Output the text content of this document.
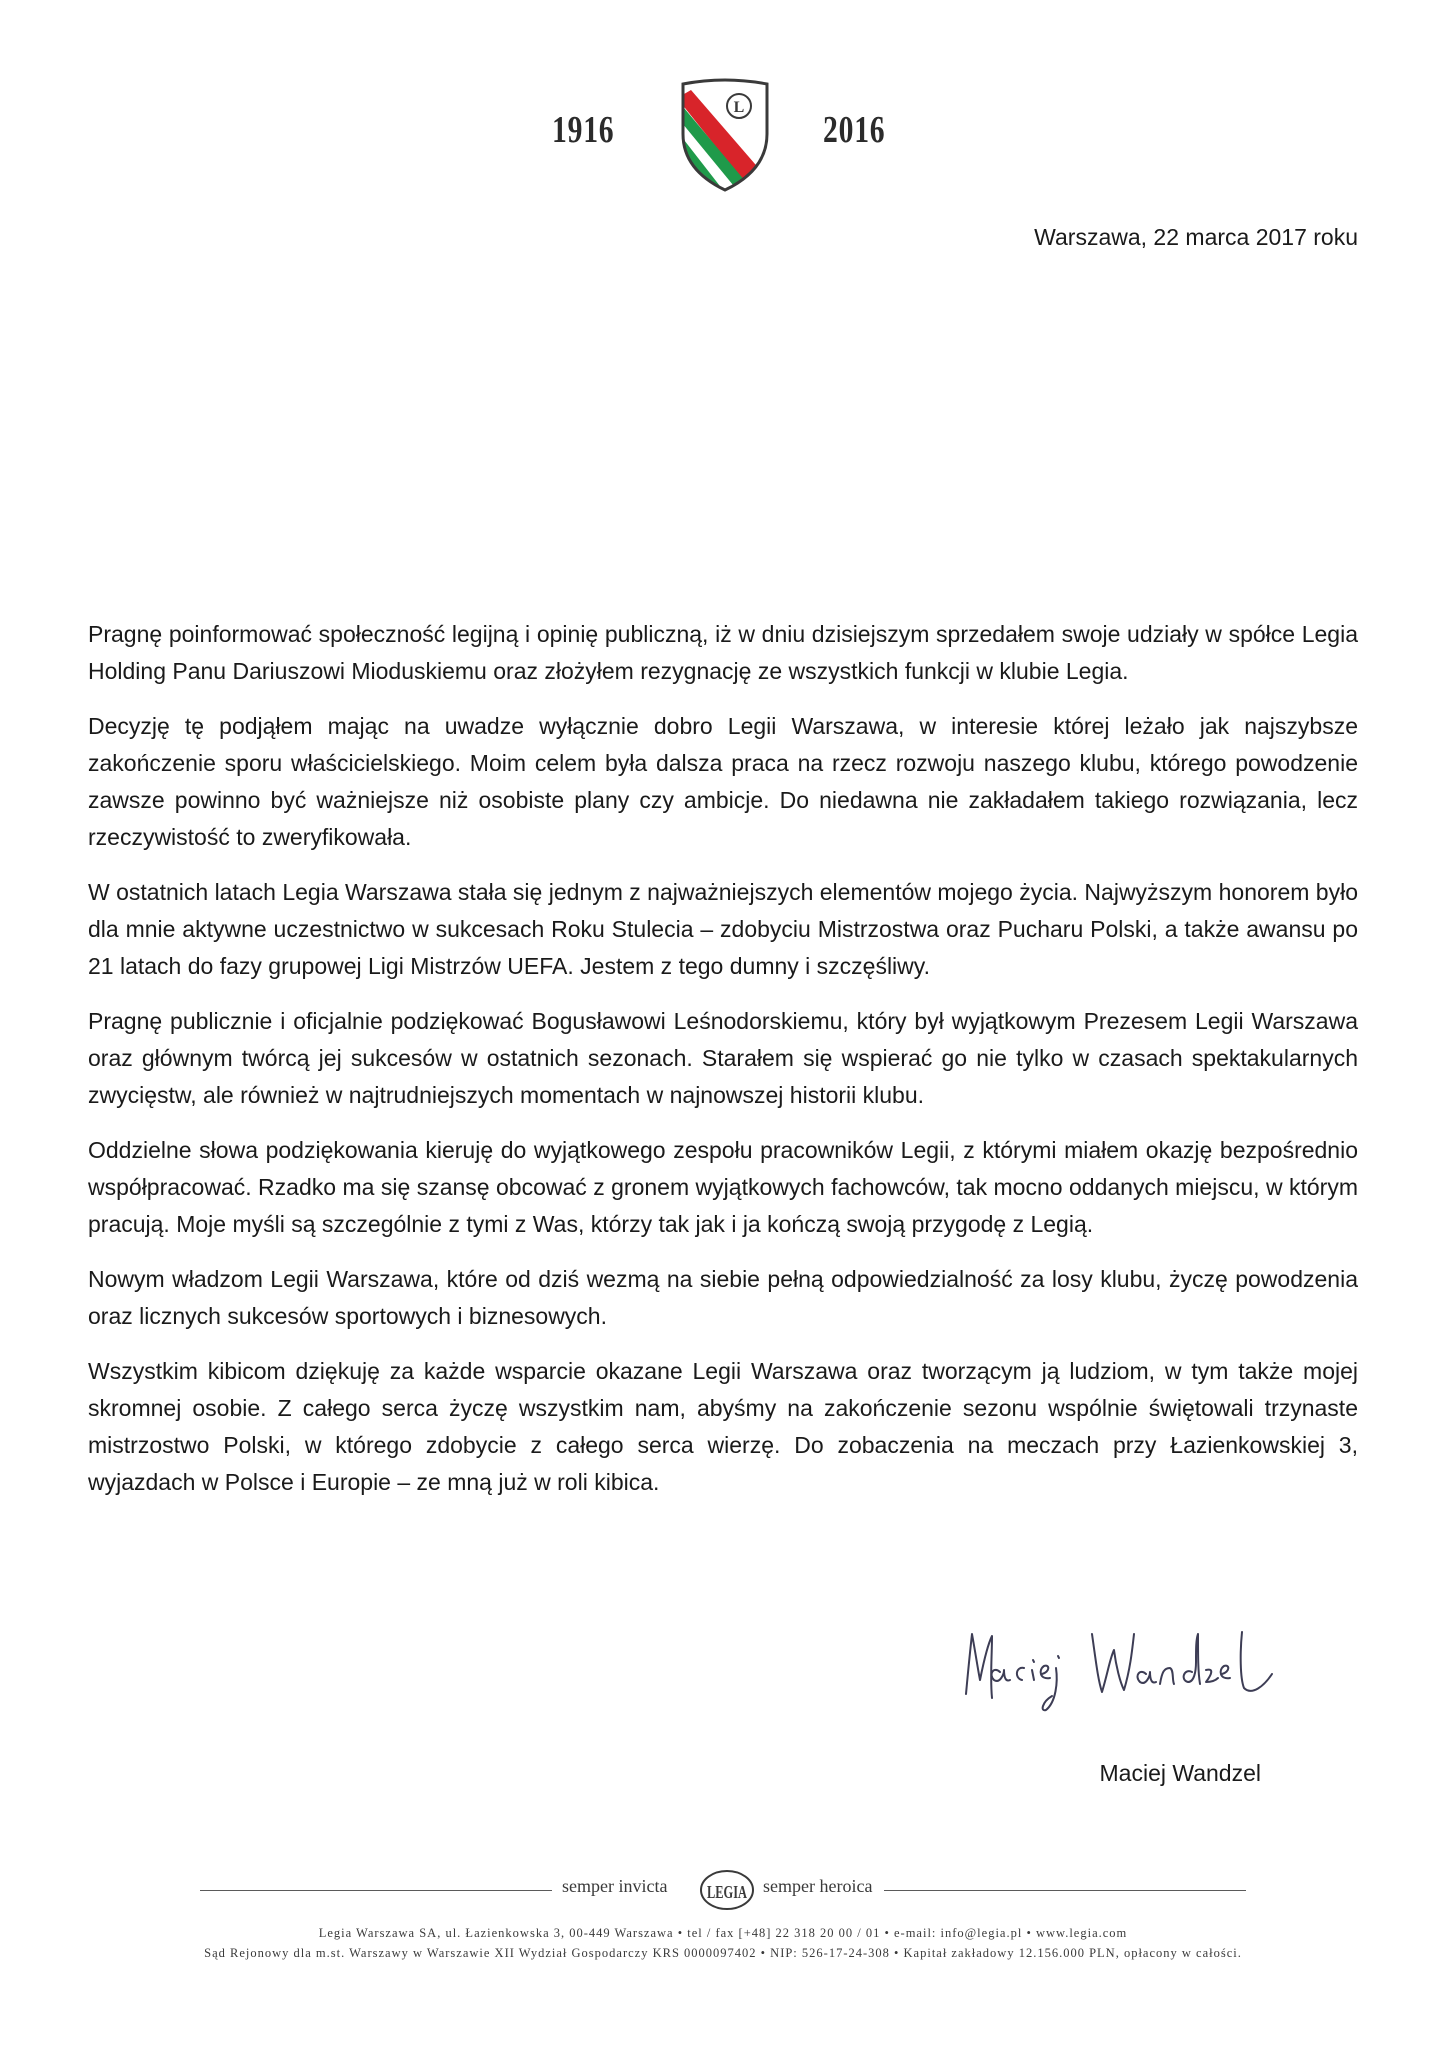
1916
L
2016
Warszawa, 22 marca 2017 roku

Pragnę poinformować społeczność legijną i opinię publiczną, iż w dniu dzisiejszym sprzedałem swoje udziały w spółce Legia Holding Panu Dariuszowi Mioduskiemu oraz złożyłem rezygnację ze wszystkich funkcji w klubie Legia.

Decyzję tę podjąłem mając na uwadze wyłącznie dobro Legii Warszawa, w interesie której leżało jak najszybsze zakończenie sporu właścicielskiego. Moim celem była dalsza praca na rzecz rozwoju naszego klubu, którego powodzenie zawsze powinno być ważniejsze niż osobiste plany czy ambicje. Do niedawna nie zakładałem takiego rozwiązania, lecz rzeczywistość to zweryfikowała.

W ostatnich latach Legia Warszawa stała się jednym z najważniejszych elementów mojego życia. Najwyższym honorem było dla mnie aktywne uczestnictwo w sukcesach Roku Stulecia – zdobyciu Mistrzostwa oraz Pucharu Polski, a także awansu po 21 latach do fazy grupowej Ligi Mistrzów UEFA. Jestem z tego dumny i szczęśliwy.

Pragnę publicznie i oficjalnie podziękować Bogusławowi Leśnodorskiemu, który był wyjątkowym Prezesem Legii Warszawa oraz głównym twórcą jej sukcesów w ostatnich sezonach. Starałem się wspierać go nie tylko w czasach spektakularnych zwycięstw, ale również w najtrudniejszych momentach w najnowszej historii klubu.

Oddzielne słowa podziękowania kieruję do wyjątkowego zespołu pracowników Legii, z którymi miałem okazję bezpośrednio współpracować. Rzadko ma się szansę obcować z gronem wyjątkowych fachowców, tak mocno oddanych miejscu, w którym pracują. Moje myśli są szczególnie z tymi z Was, którzy tak jak i ja kończą swoją przygodę z Legią.

Nowym władzom Legii Warszawa, które od dziś wezmą na siebie pełną odpowiedzialność za losy klubu, życzę powodzenia oraz licznych sukcesów sportowych i biznesowych.

Wszystkim kibicom dziękuję za każde wsparcie okazane Legii Warszawa oraz tworzącym ją ludziom, w tym także mojej skromnej osobie. Z całego serca życzę wszystkim nam, abyśmy na zakończenie sezonu wspólnie świętowali trzynaste mistrzostwo Polski, w którego zdobycie z całego serca wierzę. Do zobaczenia na meczach przy Łazienkowskiej 3, wyjazdach w Polsce i Europie – ze mną już w roli kibica.

Maciej Wandzel
semper invicta LEGIA semper heroica
Legia Warszawa SA, ul. Łazienkowska 3, 00-449 Warszawa • tel / fax [+48] 22 318 20 00 / 01 • e-mail: info@legia.pl • www.legia.com
Sąd Rejonowy dla m.st. Warszawy w Warszawie XII Wydział Gospodarczy KRS 0000097402 • NIP: 526-17-24-308 • Kapitał zakładowy 12.156.000 PLN, opłacony w całości.
